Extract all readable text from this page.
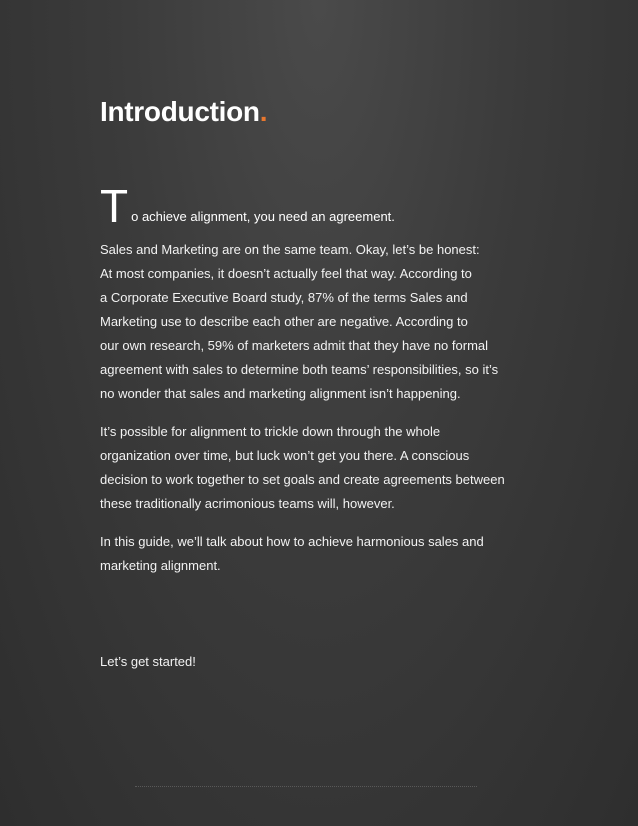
Introduction.

T o achieve alignment, you need an agreement.

Sales and Marketing are on the same team. Okay, let’s be honest:
At most companies, it doesn’t actually feel that way. According to
a Corporate Executive Board study, 87% of the terms Sales and
Marketing use to describe each other are negative. According to
our own research, 59% of marketers admit that they have no formal
agreement with sales to determine both teams’ responsibilities, so it’s
no wonder that sales and marketing alignment isn’t happening.

It’s possible for alignment to trickle down through the whole
organization over time, but luck won’t get you there. A conscious
decision to work together to set goals and create agreements between
these traditionally acrimonious teams will, however.

In this guide, we’ll talk about how to achieve harmonious sales and
marketing alignment.

Let’s get started!
